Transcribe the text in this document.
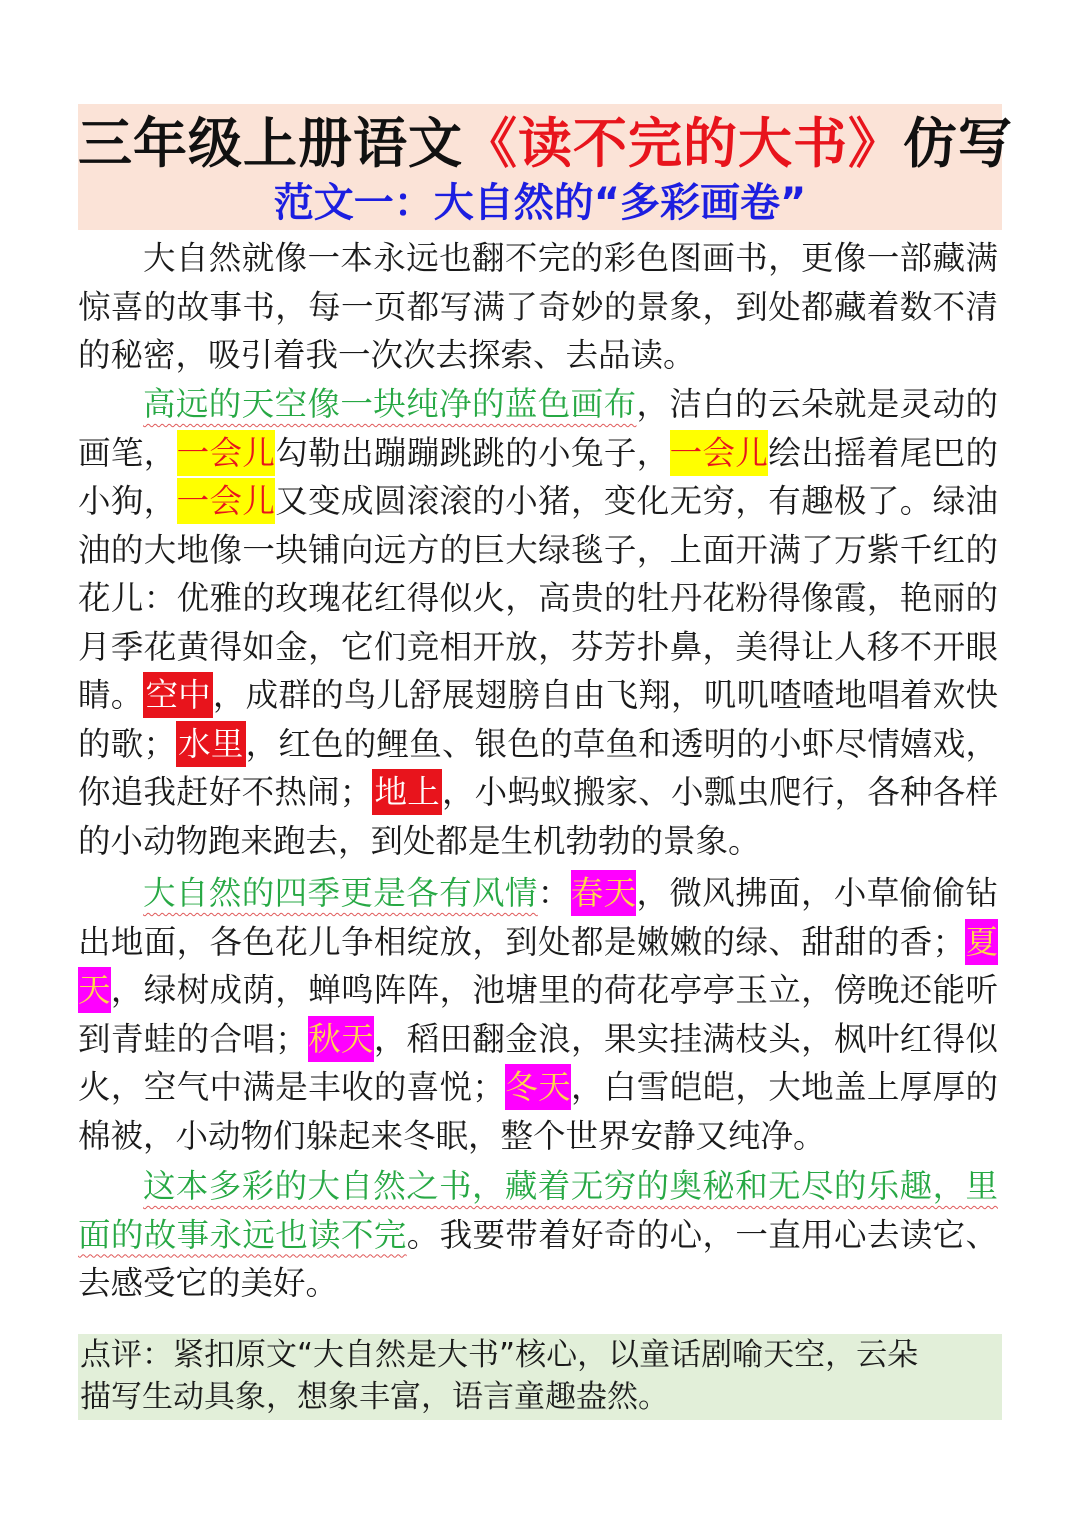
三年级上册语文《读不完的大书》仿写
范文一：大自然的“多彩画卷”

大自然就像一本永远也翻不完的彩色图画书，更像一部藏满惊喜的故事书，每一页都写满了奇妙的景象，到处都藏着数不清的秘密，吸引着我一次次去探索、去品读。

高远的天空像一块纯净的蓝色画布，洁白的云朵就是灵动的画笔，一会儿勾勒出蹦蹦跳跳的小兔子，一会儿绘出摇着尾巴的小狗，一会儿又变成圆滚滚的小猪，变化无穷，有趣极了。绿油油的大地像一块铺向远方的巨大绿毯子，上面开满了万紫千红的花儿：优雅的玫瑰花红得似火，高贵的牡丹花粉得像霞，艳丽的月季花黄得如金，它们竞相开放，芬芳扑鼻，美得让人移不开眼睛。空中，成群的鸟儿舒展翅膀自由飞翔，叽叽喳喳地唱着欢快的歌；水里，红色的鲤鱼、银色的草鱼和透明的小虾尽情嬉戏，你追我赶好不热闹；地上，小蚂蚁搬家、小瓢虫爬行，各种各样的小动物跑来跑去，到处都是生机勃勃的景象。

大自然的四季更是各有风情：春天，微风拂面，小草偷偷钻出地面，各色花儿争相绽放，到处都是嫩嫩的绿、甜甜的香；夏天，绿树成荫，蝉鸣阵阵，池塘里的荷花亭亭玉立，傍晚还能听到青蛙的合唱；秋天，稻田翻金浪，果实挂满枝头，枫叶红得似火，空气中满是丰收的喜悦；冬天，白雪皑皑，大地盖上厚厚的棉被，小动物们躲起来冬眠，整个世界安静又纯净。

这本多彩的大自然之书，藏着无穷的奥秘和无尽的乐趣，里面的故事永远也读不完。我要带着好奇的心，一直用心去读它、去感受它的美好。

点评：紧扣原文“大自然是大书”核心，以童话剧喻天空，云朵
描写生动具象，想象丰富，语言童趣盎然。
